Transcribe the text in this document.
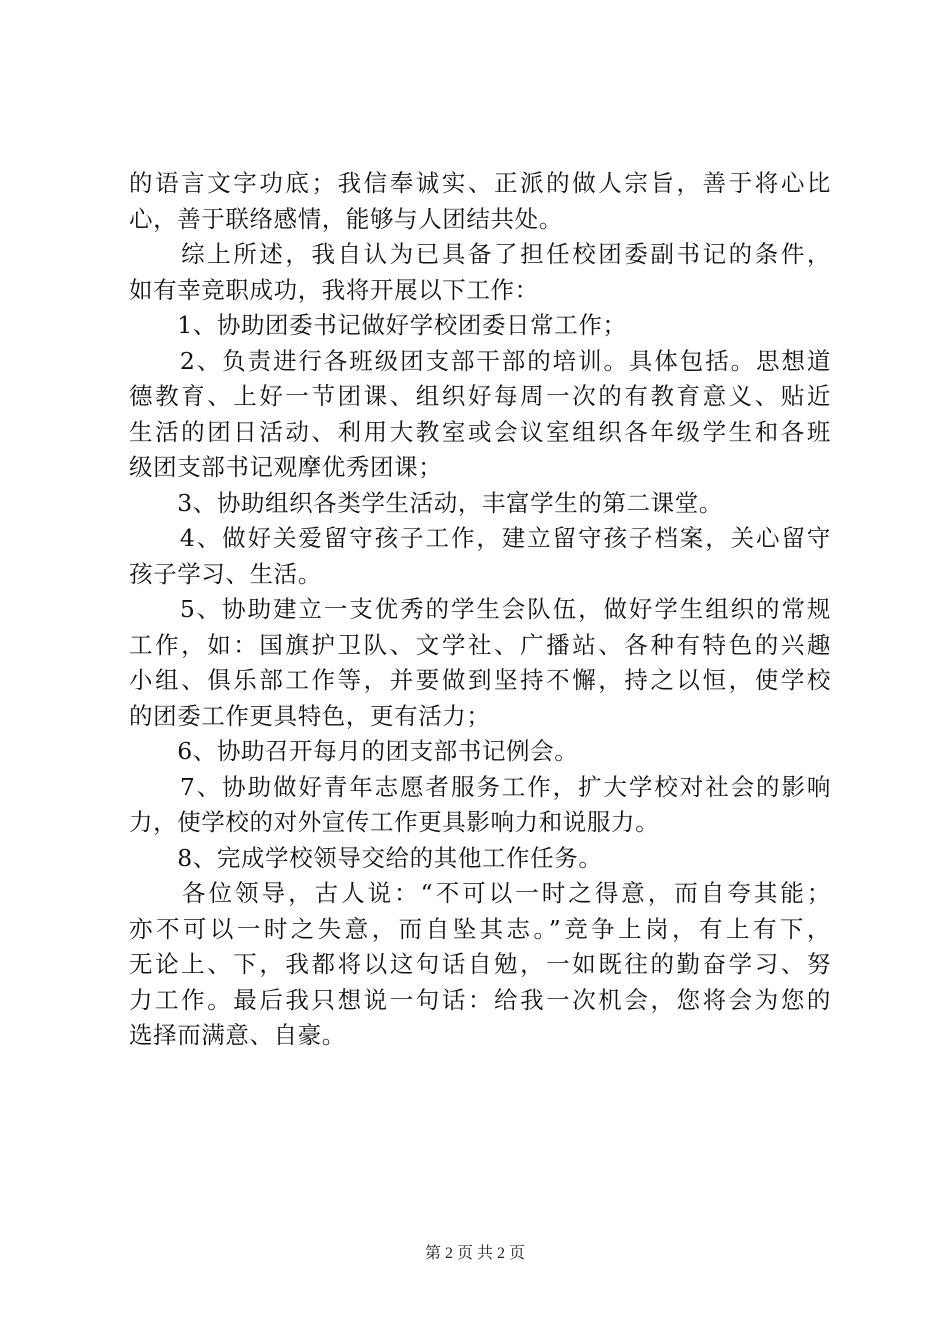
的语言文字功底；我信奉诚实、正派的做人宗旨，善于将心比
心，善于联络感情，能够与人团结共处。
　　综上所述，我自认为已具备了担任校团委副书记的条件，
如有幸竞职成功，我将开展以下工作：
　　1、协助团委书记做好学校团委日常工作；
　　2、负责进行各班级团支部干部的培训。具体包括。思想道
德教育、上好一节团课、组织好每周一次的有教育意义、贴近
生活的团日活动、利用大教室或会议室组织各年级学生和各班
级团支部书记观摩优秀团课；
　　3、协助组织各类学生活动，丰富学生的第二课堂。
　　4、做好关爱留守孩子工作，建立留守孩子档案，关心留守
孩子学习、生活。
　　5、协助建立一支优秀的学生会队伍，做好学生组织的常规
工作，如：国旗护卫队、文学社、广播站、各种有特色的兴趣
小组、俱乐部工作等，并要做到坚持不懈，持之以恒，使学校
的团委工作更具特色，更有活力；
　　6、协助召开每月的团支部书记例会。
　　7、协助做好青年志愿者服务工作，扩大学校对社会的影响
力，使学校的对外宣传工作更具影响力和说服力。
　　8、完成学校领导交给的其他工作任务。
　　各位领导，古人说：“不可以一时之得意，而自夸其能；
亦不可以一时之失意，而自坠其志。”竞争上岗，有上有下，
无论上、下，我都将以这句话自勉，一如既往的勤奋学习、努
力工作。最后我只想说一句话：给我一次机会，您将会为您的
选择而满意、自豪。
第 2 页 共 2 页
